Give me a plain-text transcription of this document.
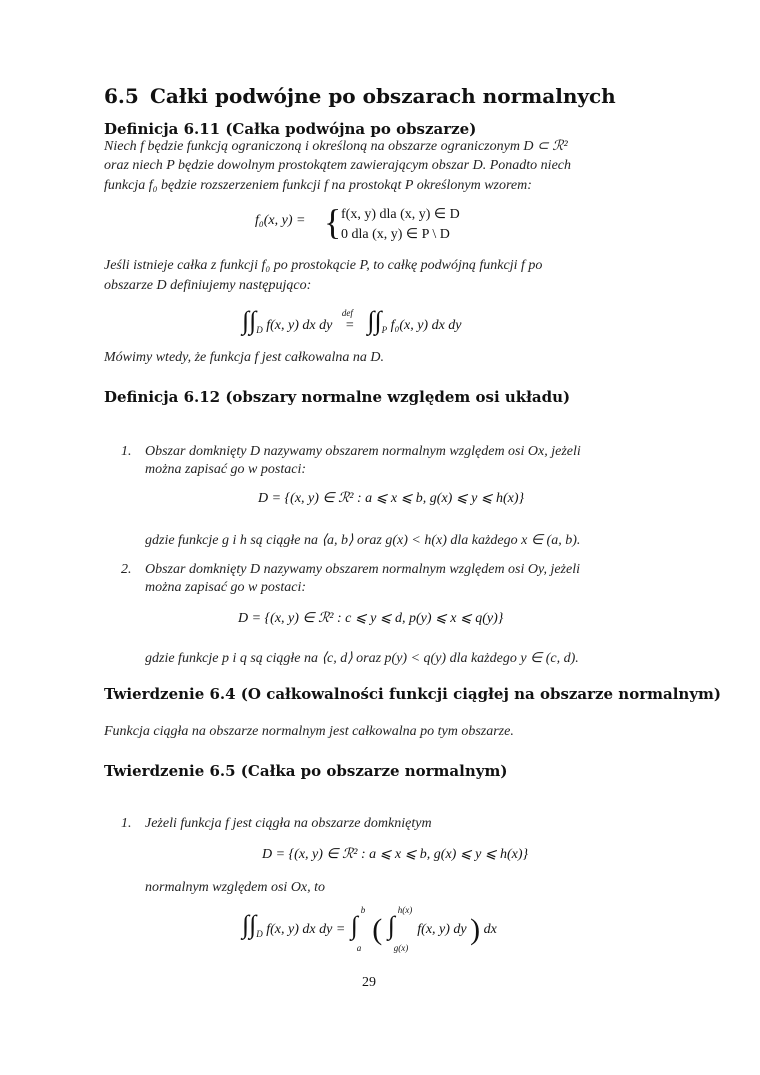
6.5 Całki podwójne po obszarach normalnych
Definicja 6.11 (Całka podwójna po obszarze)
Niech f będzie funkcją ograniczoną i określoną na obszarze ograniczonym D ⊂ ℛ²
oraz niech P będzie dowolnym prostokątem zawierającym obszar D. Ponadto niech
funkcja f₀ będzie rozszerzeniem funkcji f na prostokąt P określonym wzorem:
f₀(x, y) = { f(x, y) dla (x, y) ∈ D
0 dla (x, y) ∈ P \ D
Jeśli istnieje całka z funkcji f₀ po prostokącie P, to całkę podwójną funkcji f po
obszarze D definiujemy następująco:
$\int\int_D$ f(x, y) dx dy
def
= $\int\int_P$ f₀(x, y) dx dy
Mówimy wtedy, że funkcja f jest całkowalna na D.
Definicja 6.12 (obszary normalne względem osi układu)
1. Obszar domknięty D nazywamy obszarem normalnym względem osi Ox, jeżeli
można zapisać go w postaci:
D = {(x, y) ∈ ℛ² : a ⩽ x ⩽ b, g(x) ⩽ y ⩽ h(x)}
gdzie funkcje g i h są ciągłe na ⟨a, b⟩ oraz g(x) < h(x) dla każdego x ∈ (a, b).
2. Obszar domknięty D nazywamy obszarem normalnym względem osi Oy, jeżeli
można zapisać go w postaci:
D = {(x, y) ∈ ℛ² : c ⩽ y ⩽ d, p(y) ⩽ x ⩽ q(y)}
gdzie funkcje p i q są ciągłe na ⟨c, d⟩ oraz p(y) < q(y) dla każdego y ∈ (c, d).
Twierdzenie 6.4 (O całkowalności funkcji ciągłej na obszarze normalnym)
Funkcja ciągła na obszarze normalnym jest całkowalna po tym obszarze.
Twierdzenie 6.5 (Całka po obszarze normalnym)
1. Jeżeli funkcja f jest ciągła na obszarze domkniętym
D = {(x, y) ∈ ℛ² : a ⩽ x ⩽ b, g(x) ⩽ y ⩽ h(x)}
normalnym względem osi Ox, to
$\int\int_D$ f(x, y) dx dy = ∫
b
a
( ∫
h(x)
g(x)
f(x, y) dy ) dx
29
